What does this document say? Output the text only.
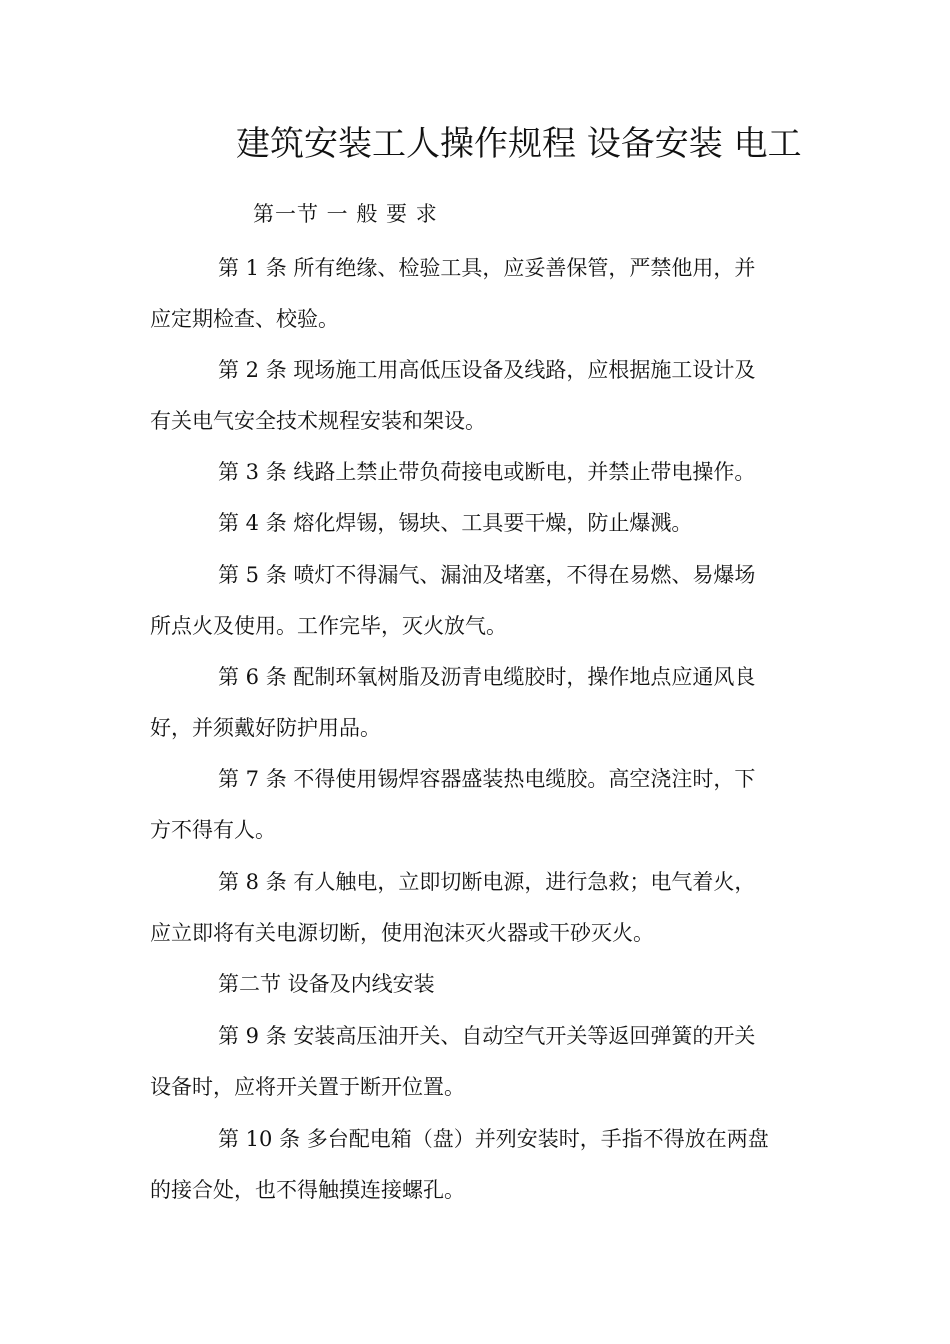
建筑安装工人操作规程 设备安装 电工
第一节 一 般 要 求
第 1 条 所有绝缘、检验工具，应妥善保管，严禁他用，并
应定期检查、校验。
第 2 条 现场施工用高低压设备及线路，应根据施工设计及
有关电气安全技术规程安装和架设。
第 3 条 线路上禁止带负荷接电或断电，并禁止带电操作。
第 4 条 熔化焊锡，锡块、工具要干燥，防止爆溅。
第 5 条 喷灯不得漏气、漏油及堵塞，不得在易燃、易爆场
所点火及使用。工作完毕，灭火放气。
第 6 条 配制环氧树脂及沥青电缆胶时，操作地点应通风良
好，并须戴好防护用品。
第 7 条 不得使用锡焊容器盛装热电缆胶。高空浇注时，下
方不得有人。
第 8 条 有人触电，立即切断电源，进行急救；电气着火，
应立即将有关电源切断，使用泡沫灭火器或干砂灭火。
第二节 设备及内线安装
第 9 条 安装高压油开关、自动空气开关等返回弹簧的开关
设备时，应将开关置于断开位置。
第 10 条 多台配电箱（盘）并列安装时，手指不得放在两盘
的接合处，也不得触摸连接螺孔。
